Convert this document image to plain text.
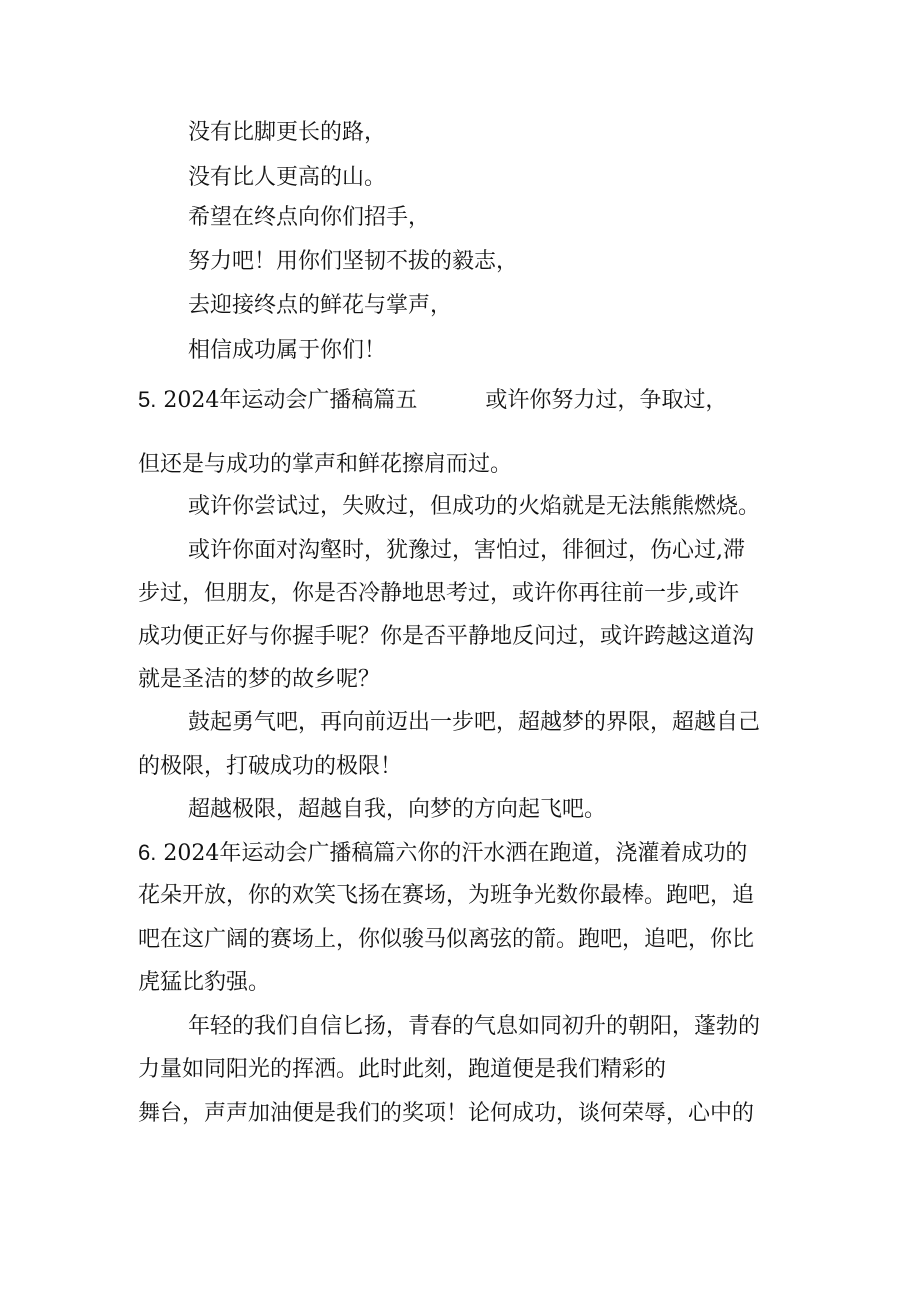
没有比脚更长的路，

没有比人更高的山。

希望在终点向你们招手，

努力吧！用你们坚韧不拔的毅志，

去迎接终点的鲜花与掌声，

相信成功属于你们！

5. 2024年运动会广播稿篇五	或许你努力过，争取过，

但还是与成功的掌声和鲜花擦肩而过。

或许你尝试过，失败过，但成功的火焰就是无法熊熊燃烧。

或许你面对沟壑时，犹豫过，害怕过，徘徊过，伤心过,滞

步过，但朋友，你是否冷静地思考过，或许你再往前一步,或许

成功便正好与你握手呢？你是否平静地反问过，或许跨越这道沟

就是圣洁的梦的故乡呢？

鼓起勇气吧，再向前迈出一步吧，超越梦的界限，超越自己

的极限，打破成功的极限！

超越极限，超越自我，向梦的方向起飞吧。

6. 2024年运动会广播稿篇六你的汗水洒在跑道，浇灌着成功的

花朵开放，你的欢笑飞扬在赛场，为班争光数你最棒。跑吧，追

吧在这广阔的赛场上，你似骏马似离弦的箭。跑吧，追吧，你比

虎猛比豹强。

年轻的我们自信匕扬，青春的气息如同初升的朝阳，蓬勃的

力量如同阳光的挥洒。此时此刻，跑道便是我们精彩的

舞台，声声加油便是我们的奖项！论何成功，谈何荣辱，心中的
